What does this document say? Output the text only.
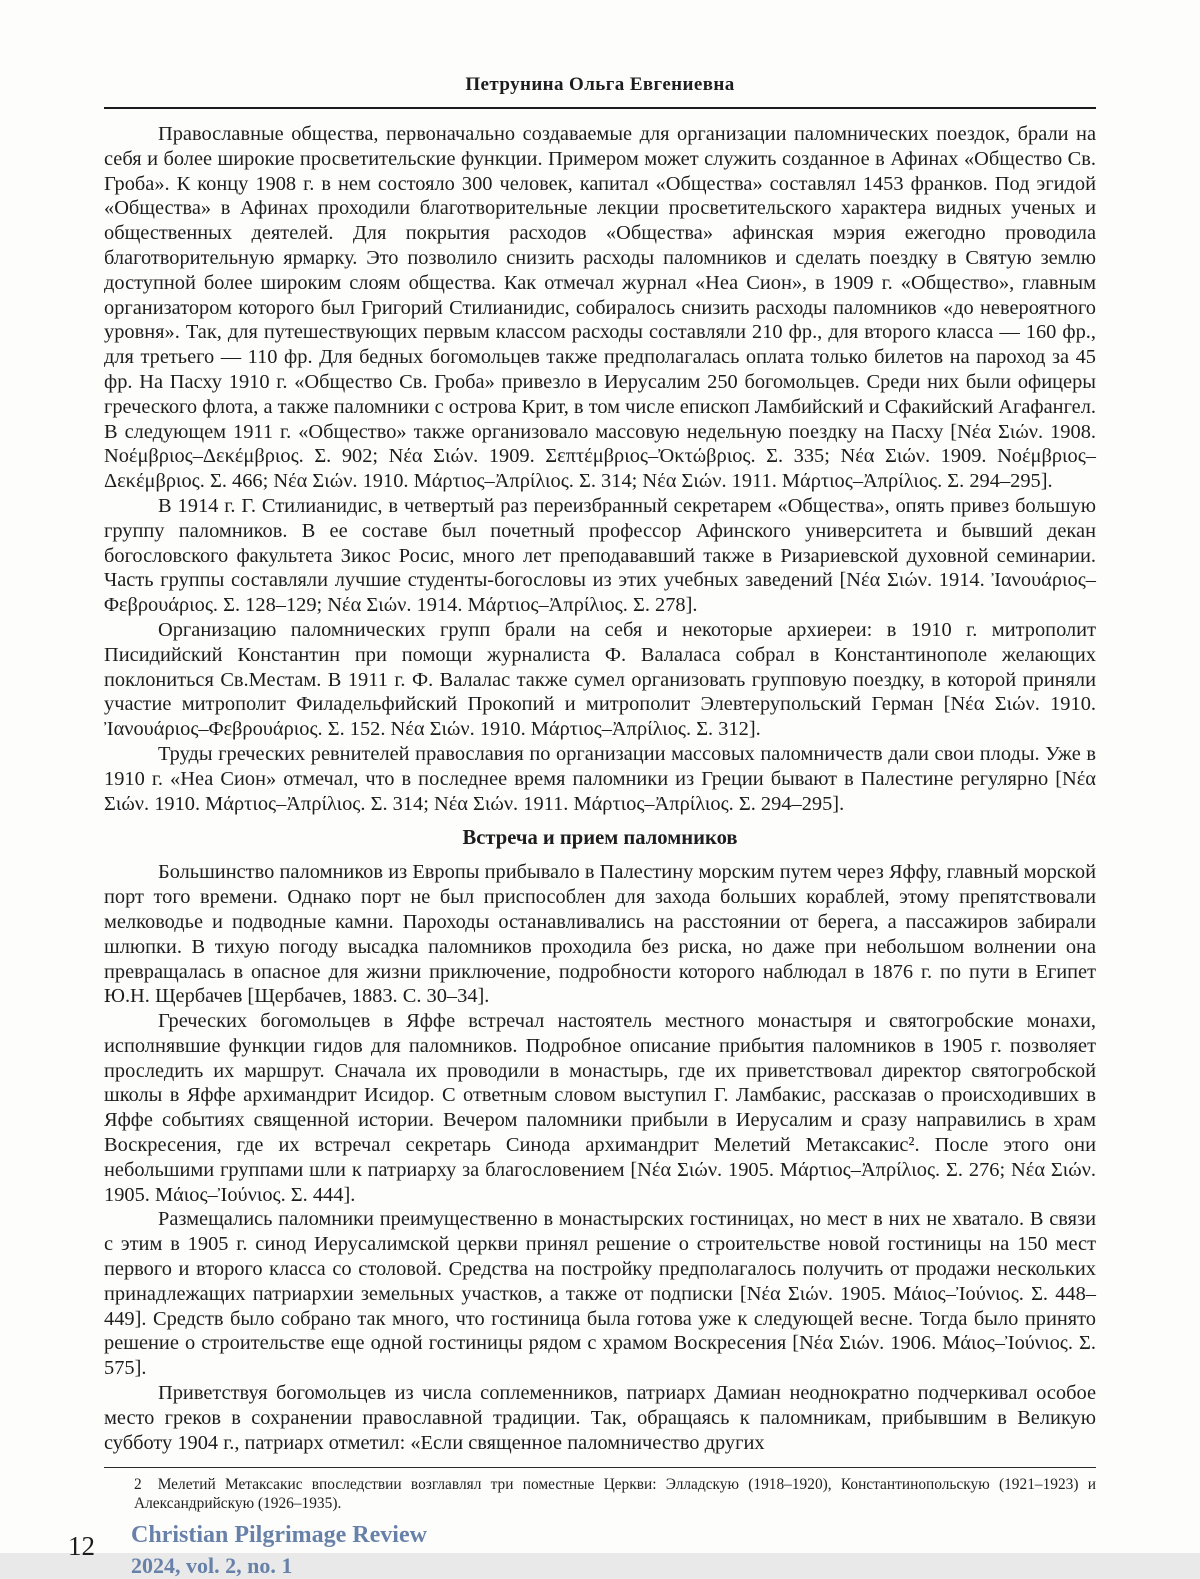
Петрунина Ольга Евгениевна

Православные общества, первоначально создаваемые для организации паломнических поездок, брали на себя и более широкие просветительские функции. Примером может служить созданное в Афинах «Общество Св. Гроба». К концу 1908 г. в нем состояло 300 человек, капитал «Общества» составлял 1453 франков. Под эгидой «Общества» в Афинах проходили благотворительные лекции просветительского характера видных ученых и общественных деятелей. Для покрытия расходов «Общества» афинская мэрия ежегодно проводила благотворительную ярмарку. Это позволило снизить расходы паломников и сделать поездку в Святую землю доступной более широким слоям общества. Как отмечал журнал «Неа Сион», в 1909 г. «Общество», главным организатором которого был Григорий Стилианидис, собиралось снизить расходы паломников «до невероятного уровня». Так, для путешествующих первым классом расходы составляли 210 фр., для второго класса — 160 фр., для третьего — 110 фр. Для бедных богомольцев также предполагалась оплата только билетов на пароход за 45 фр. На Пасху 1910 г. «Общество Св. Гроба» привезло в Иерусалим 250 богомольцев. Среди них были офицеры греческого флота, а также паломники с острова Крит, в том числе епископ Ламбийский и Сфакийский Агафангел. В следующем 1911 г. «Общество» также организовало массовую недельную поездку на Пасху [Νέα Σιών. 1908. Νοέμβριος–Δεκέμβριος. Σ. 902; Νέα Σιών. 1909. Σεπτέμβριος–Ὀκτώβριος. Σ. 335; Νέα Σιών. 1909. Νοέμβριος–Δεκέμβριος. Σ. 466; Νέα Σιών. 1910. Μάρτιος–Ἀπρίλιος. Σ. 314; Νέα Σιών. 1911. Μάρτιος–Ἀπρίλιος. Σ. 294–295].

В 1914 г. Г. Стилианидис, в четвертый раз переизбранный секретарем «Общества», опять привез большую группу паломников. В ее составе был почетный профессор Афинского университета и бывший декан богословского факультета Зикос Росис, много лет преподававший также в Ризариевской духовной семинарии. Часть группы составляли лучшие студенты-богословы из этих учебных заведений [Νέα Σιών. 1914. Ἰανουάριος–Φεβρουάριος. Σ. 128–129; Νέα Σιών. 1914. Μάρτιος–Ἀπρίλιος. Σ. 278].

Организацию паломнических групп брали на себя и некоторые архиереи: в 1910 г. митрополит Писидийский Константин при помощи журналиста Ф. Валаласа собрал в Константинополе желающих поклониться Св.Местам. В 1911 г. Ф. Валалас также сумел организовать групповую поездку, в которой приняли участие митрополит Филадельфийский Прокопий и митрополит Элевтерупольский Герман [Νέα Σιών. 1910. Ἰανουάριος–Φεβρουάριος. Σ. 152. Νέα Σιών. 1910. Μάρτιος–Ἀπρίλιος. Σ. 312].

Труды греческих ревнителей православия по организации массовых паломничеств дали свои плоды. Уже в 1910 г. «Неа Сион» отмечал, что в последнее время паломники из Греции бывают в Палестине регулярно [Νέα Σιών. 1910. Μάρτιος–Ἀπρίλιος. Σ. 314; Νέα Σιών. 1911. Μάρτιος–Ἀπρίλιος. Σ. 294–295].

Встреча и прием паломников

Большинство паломников из Европы прибывало в Палестину морским путем через Яффу, главный морской порт того времени. Однако порт не был приспособлен для захода больших кораблей, этому препятствовали мелководье и подводные камни. Пароходы останавливались на расстоянии от берега, а пассажиров забирали шлюпки. В тихую погоду высадка паломников проходила без риска, но даже при небольшом волнении она превращалась в опасное для жизни приключение, подробности которого наблюдал в 1876 г. по пути в Египет Ю.Н. Щербачев [Щербачев, 1883. С. 30–34].

Греческих богомольцев в Яффе встречал настоятель местного монастыря и святогробские монахи, исполнявшие функции гидов для паломников. Подробное описание прибытия паломников в 1905 г. позволяет проследить их маршрут. Сначала их проводили в монастырь, где их приветствовал директор святогробской школы в Яффе архимандрит Исидор. С ответным словом выступил Г. Ламбакис, рассказав о происходивших в Яффе событиях священной истории. Вечером паломники прибыли в Иерусалим и сразу направились в храм Воскресения, где их встречал секретарь Синода архимандрит Мелетий Метаксакис². После этого они небольшими группами шли к патриарху за благословением [Νέα Σιών. 1905. Μάρτιος–Ἀπρίλιος. Σ. 276; Νέα Σιών. 1905. Μάιος–Ἰούνιος. Σ. 444].

Размещались паломники преимущественно в монастырских гостиницах, но мест в них не хватало. В связи с этим в 1905 г. синод Иерусалимской церкви принял решение о строительстве новой гостиницы на 150 мест первого и второго класса со столовой. Средства на постройку предполагалось получить от продажи нескольких принадлежащих патриархии земельных участков, а также от подписки [Νέα Σιών. 1905. Μάιος–Ἰούνιος. Σ. 448–449]. Средств было собрано так много, что гостиница была готова уже к следующей весне. Тогда было принято решение о строительстве еще одной гостиницы рядом с храмом Воскресения [Νέα Σιών. 1906. Μάιος–Ἰούνιος. Σ. 575].

Приветствуя богомольцев из числа соплеменников, патриарх Дамиан неоднократно подчеркивал особое место греков в сохранении православной традиции. Так, обращаясь к паломникам, прибывшим в Великую субботу 1904 г., патриарх отметил: «Если священное паломничество других

2 Мелетий Метаксакис впоследствии возглавлял три поместные Церкви: Элладскую (1918–1920), Константинопольскую (1921–1923) и Александрийскую (1926–1935).

12 Christian Pilgrimage Review
2024, vol. 2, no. 1
